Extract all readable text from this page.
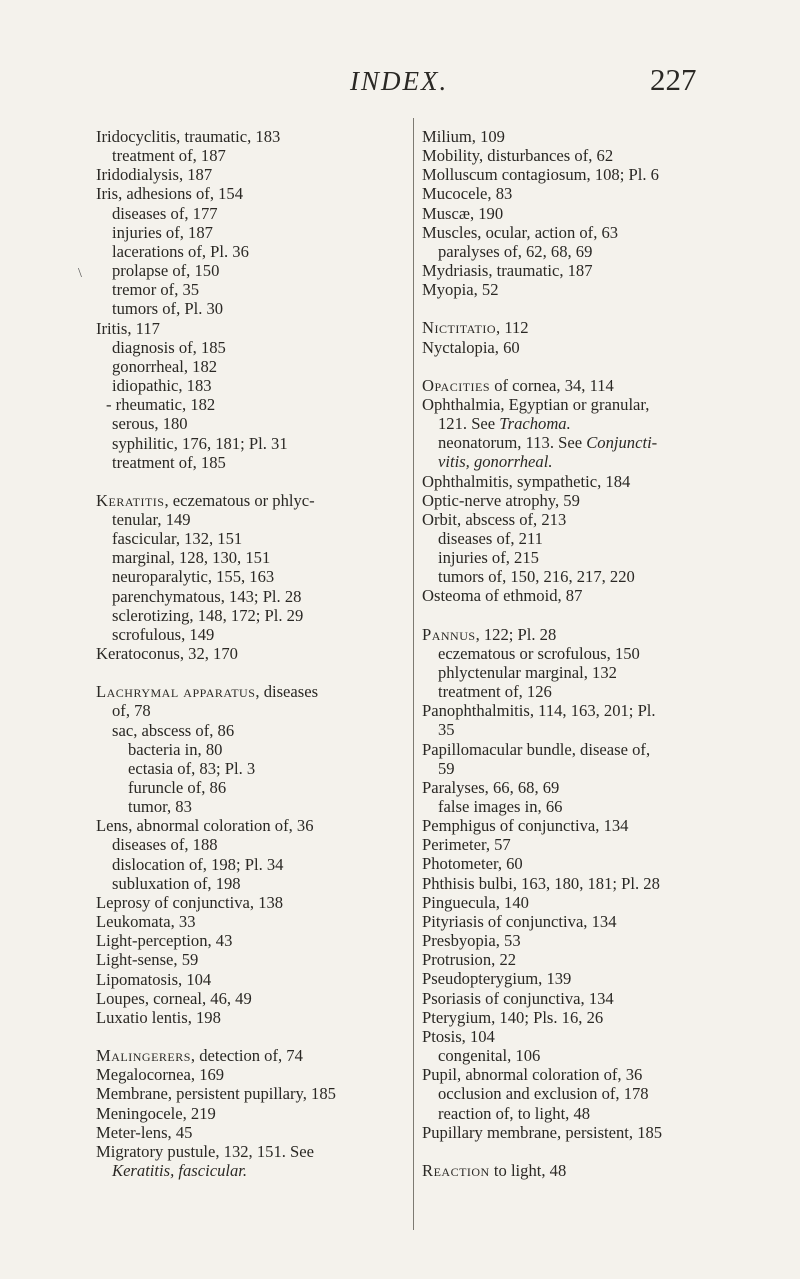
INDEX.	227
\
Iridocyclitis, traumatic, 183
treatment of, 187
Iridodialysis, 187
Iris, adhesions of, 154
diseases of, 177
injuries of, 187
lacerations of, Pl. 36
prolapse of, 150
tremor of, 35
tumors of, Pl. 30
Iritis, 117
diagnosis of, 185
gonorrheal, 182
idiopathic, 183
- rheumatic, 182
serous, 180
syphilitic, 176, 181; Pl. 31
treatment of, 185
Keratitis, eczematous or phlyc-
tenular, 149
fascicular, 132, 151
marginal, 128, 130, 151
neuroparalytic, 155, 163
parenchymatous, 143; Pl. 28
sclerotizing, 148, 172; Pl. 29
scrofulous, 149
Keratoconus, 32, 170
Lachrymal apparatus, diseases
of, 78
sac, abscess of, 86
bacteria in, 80
ectasia of, 83; Pl. 3
furuncle of, 86
tumor, 83
Lens, abnormal coloration of, 36
diseases of, 188
dislocation of, 198; Pl. 34
subluxation of, 198
Leprosy of conjunctiva, 138
Leukomata, 33
Light-perception, 43
Light-sense, 59
Lipomatosis, 104
Loupes, corneal, 46, 49
Luxatio lentis, 198
Malingerers, detection of, 74
Megalocornea, 169
Membrane, persistent pupillary, 185
Meningocele, 219
Meter-lens, 45
Migratory pustule, 132, 151. See
Keratitis, fascicular.
Milium, 109
Mobility, disturbances of, 62
Molluscum contagiosum, 108; Pl. 6
Mucocele, 83
Muscæ, 190
Muscles, ocular, action of, 63
paralyses of, 62, 68, 69
Mydriasis, traumatic, 187
Myopia, 52
Nictitatio, 112
Nyctalopia, 60
Opacities of cornea, 34, 114
Ophthalmia, Egyptian or granular,
121. See Trachoma.
neonatorum, 113. See Conjuncti-
vitis, gonorrheal.
Ophthalmitis, sympathetic, 184
Optic-nerve atrophy, 59
Orbit, abscess of, 213
diseases of, 211
injuries of, 215
tumors of, 150, 216, 217, 220
Osteoma of ethmoid, 87
Pannus, 122; Pl. 28
eczematous or scrofulous, 150
phlyctenular marginal, 132
treatment of, 126
Panophthalmitis, 114, 163, 201; Pl.
35
Papillomacular bundle, disease of,
59
Paralyses, 66, 68, 69
false images in, 66
Pemphigus of conjunctiva, 134
Perimeter, 57
Photometer, 60
Phthisis bulbi, 163, 180, 181; Pl. 28
Pinguecula, 140
Pityriasis of conjunctiva, 134
Presbyopia, 53
Protrusion, 22
Pseudopterygium, 139
Psoriasis of conjunctiva, 134
Pterygium, 140; Pls. 16, 26
Ptosis, 104
congenital, 106
Pupil, abnormal coloration of, 36
occlusion and exclusion of, 178
reaction of, to light, 48
Pupillary membrane, persistent, 185
Reaction to light, 48
